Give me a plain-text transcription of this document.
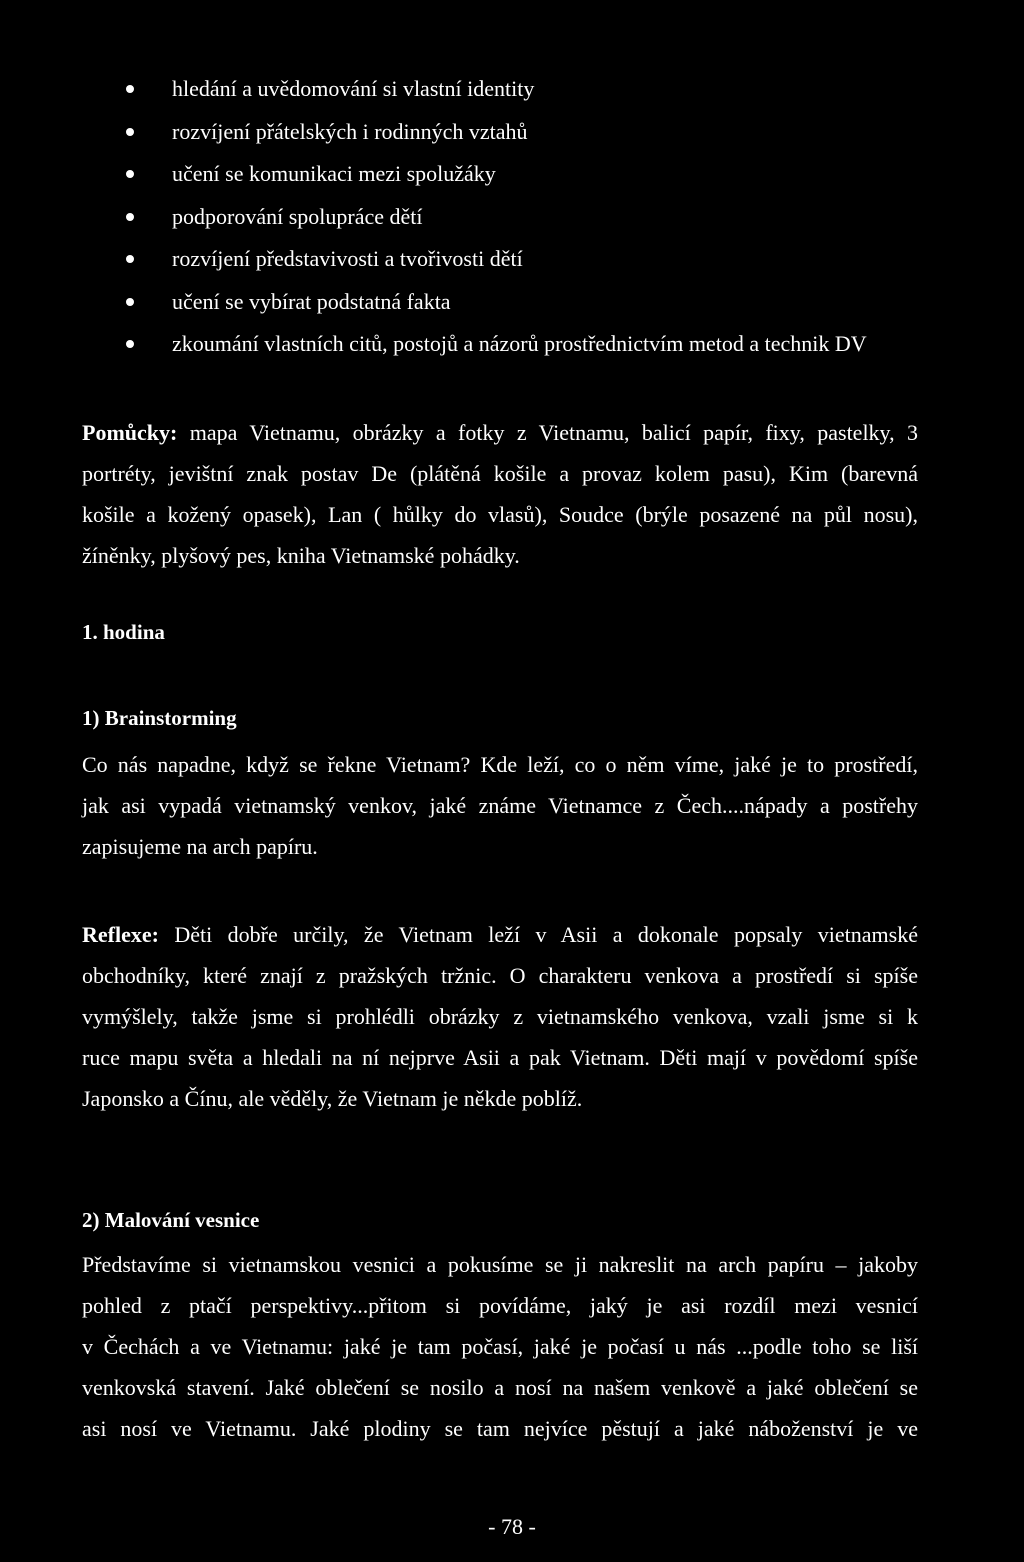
hledání a uvědomování si vlastní identity
rozvíjení přátelských i rodinných vztahů
učení se komunikaci mezi spolužáky
podporování spolupráce dětí
rozvíjení představivosti a tvořivosti dětí
učení se vybírat podstatná fakta
zkoumání vlastních citů, postojů a názorů prostřednictvím metod a technik DV
Pomůcky: mapa Vietnamu, obrázky a fotky z Vietnamu, balicí papír, fixy, pastelky, 3
portréty, jevištní znak postav De (plátěná košile a provaz kolem pasu), Kim (barevná
košile a kožený opasek), Lan ( hůlky do vlasů), Soudce (brýle posazené na půl nosu),
žíněnky, plyšový pes, kniha Vietnamské pohádky.
1. hodina
1) Brainstorming
Co nás napadne, když se řekne Vietnam? Kde leží, co o něm víme, jaké je to prostředí,
jak asi vypadá vietnamský venkov, jaké známe Vietnamce z Čech....nápady a postřehy
zapisujeme na arch papíru.
Reflexe: Děti dobře určily, že Vietnam leží v Asii a dokonale popsaly vietnamské
obchodníky, které znají z pražských tržnic. O charakteru venkova a prostředí si spíše
vymýšlely, takže jsme si prohlédli obrázky z vietnamského venkova, vzali jsme si k
ruce mapu světa a hledali na ní nejprve Asii a pak Vietnam. Děti mají v povědomí spíše
Japonsko a Čínu, ale věděly, že Vietnam je někde poblíž.
2) Malování vesnice
Představíme si vietnamskou vesnici a pokusíme se ji nakreslit na arch papíru – jakoby
pohled z ptačí perspektivy...přitom si povídáme, jaký je asi rozdíl mezi vesnicí
v Čechách a ve Vietnamu: jaké je tam počasí, jaké je počasí u nás ...podle toho se liší
venkovská stavení. Jaké oblečení se nosilo a nosí na našem venkově a jaké oblečení se
asi nosí ve Vietnamu. Jaké plodiny se tam nejvíce pěstují a jaké náboženství je ve
- 78 -
